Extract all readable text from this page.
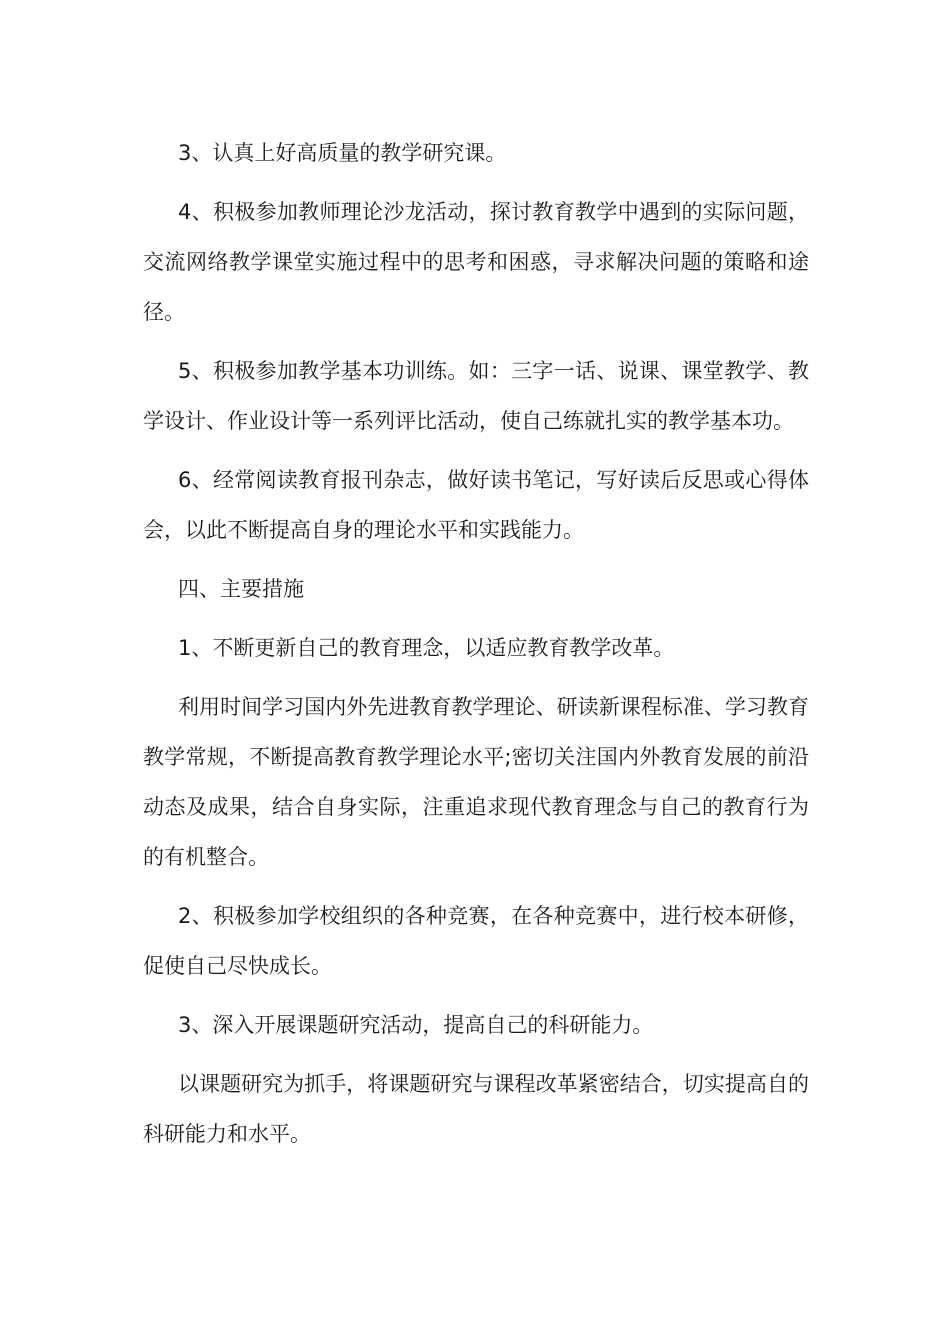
3、认真上好高质量的教学研究课。

4、积极参加教师理论沙龙活动，探讨教育教学中遇到的实际问题，交流网络教学课堂实施过程中的思考和困惑，寻求解决问题的策略和途径。

5、积极参加教学基本功训练。如：三字一话、说课、课堂教学、教学设计、作业设计等一系列评比活动，使自己练就扎实的教学基本功。

6、经常阅读教育报刊杂志，做好读书笔记，写好读后反思或心得体会，以此不断提高自身的理论水平和实践能力。

四、主要措施

1、不断更新自己的教育理念，以适应教育教学改革。

利用时间学习国内外先进教育教学理论、研读新课程标准、学习教育教学常规，不断提高教育教学理论水平;密切关注国内外教育发展的前沿动态及成果，结合自身实际，注重追求现代教育理念与自己的教育行为的有机整合。

2、积极参加学校组织的各种竞赛，在各种竞赛中，进行校本研修，促使自己尽快成长。

3、深入开展课题研究活动，提高自己的科研能力。

以课题研究为抓手，将课题研究与课程改革紧密结合，切实提高自的科研能力和水平。
